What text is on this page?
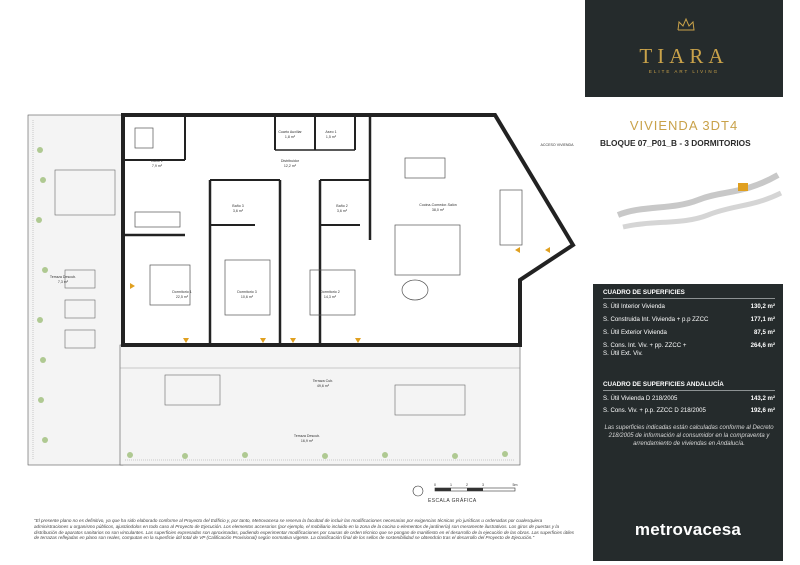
Baño 1
7,9 m²
Cuarto Auxiliar
1,8 m²
Aseo 1
1,5 m²
Distribuidor
12,2 m²
Baño 3
3,6 m²
Baño 2
3,6 m²
Cocina-Comedor-Salón
38,0 m²
Terraza Descub.
7,3 m²
Dormitorio 1
22,5 m²
Dormitorio 3
10,6 m²
Dormitorio 2
14,3 m²
Terraza Cub.
49,6 m²
Terraza Descub.
16,9 m²
ACCESO VIVIENDA
0	1	2	3	5m
ESCALA GRÁFICA
TIARA
ELITE ART LIVING
VIVIENDA 3DT4
BLOQUE 07_P01_B - 3 DORMITORIOS
CUADRO DE SUPERFICIES
S. Útil Interior Vivienda	130,2 m²
S. Construida Int. Vivienda + p.p ZZCC	177,1 m²
S. Útil Exterior Vivienda	87,5 m²
S. Cons. Int. Viv. + pp. ZZCC +	264,6 m²
S. Útil Ext. Viv.
CUADRO DE SUPERFICIES ANDALUCÍA
S. Útil Vivienda D 218/2005	143,2 m²
S. Cons. Viv. + p.p. ZZCC D 218/2005	192,6 m²
Las superficies indicadas están calculadas conforme al Decreto 218/2005 de información al consumidor en la compraventa y arrendamiento de viviendas en Andalucía.
metrovacesa
"El presente plano no es definitivo, ya que ha sido elaborado conforme al Proyecto del Edificio y, por tanto, Metrovacesa se reserva la facultad de incluir las modificaciones necesarias por exigencias técnicas y/o jurídicas u ordenadas por cualesquiera administraciones u organismo públicos, ajustándolos en todo caso al Proyecto de Ejecución. Los elementos accesorios (por ejemplo, el mobiliario incluido en la zona de la cocina o elementos de jardinería) son meramente ilustrativos. Los giros de puertas y la distribución de aparatos sanitarios no son vinculantes. Las superficies expresadas son aproximadas, pudiendo experimentar modificaciones por causas de orden técnico que se pongan de manifiesto en el desarrollo de la ejecución de las obras. Las superficies útiles de terrazas reflejadas en plano son reales, computan en la superficie útil total de VP (Calificación Provisional) según normativa vigente. La clasificación final de los sellos de sostenibilidad se obtendrán tras el desarrollo del Proyecto de Ejecución."
